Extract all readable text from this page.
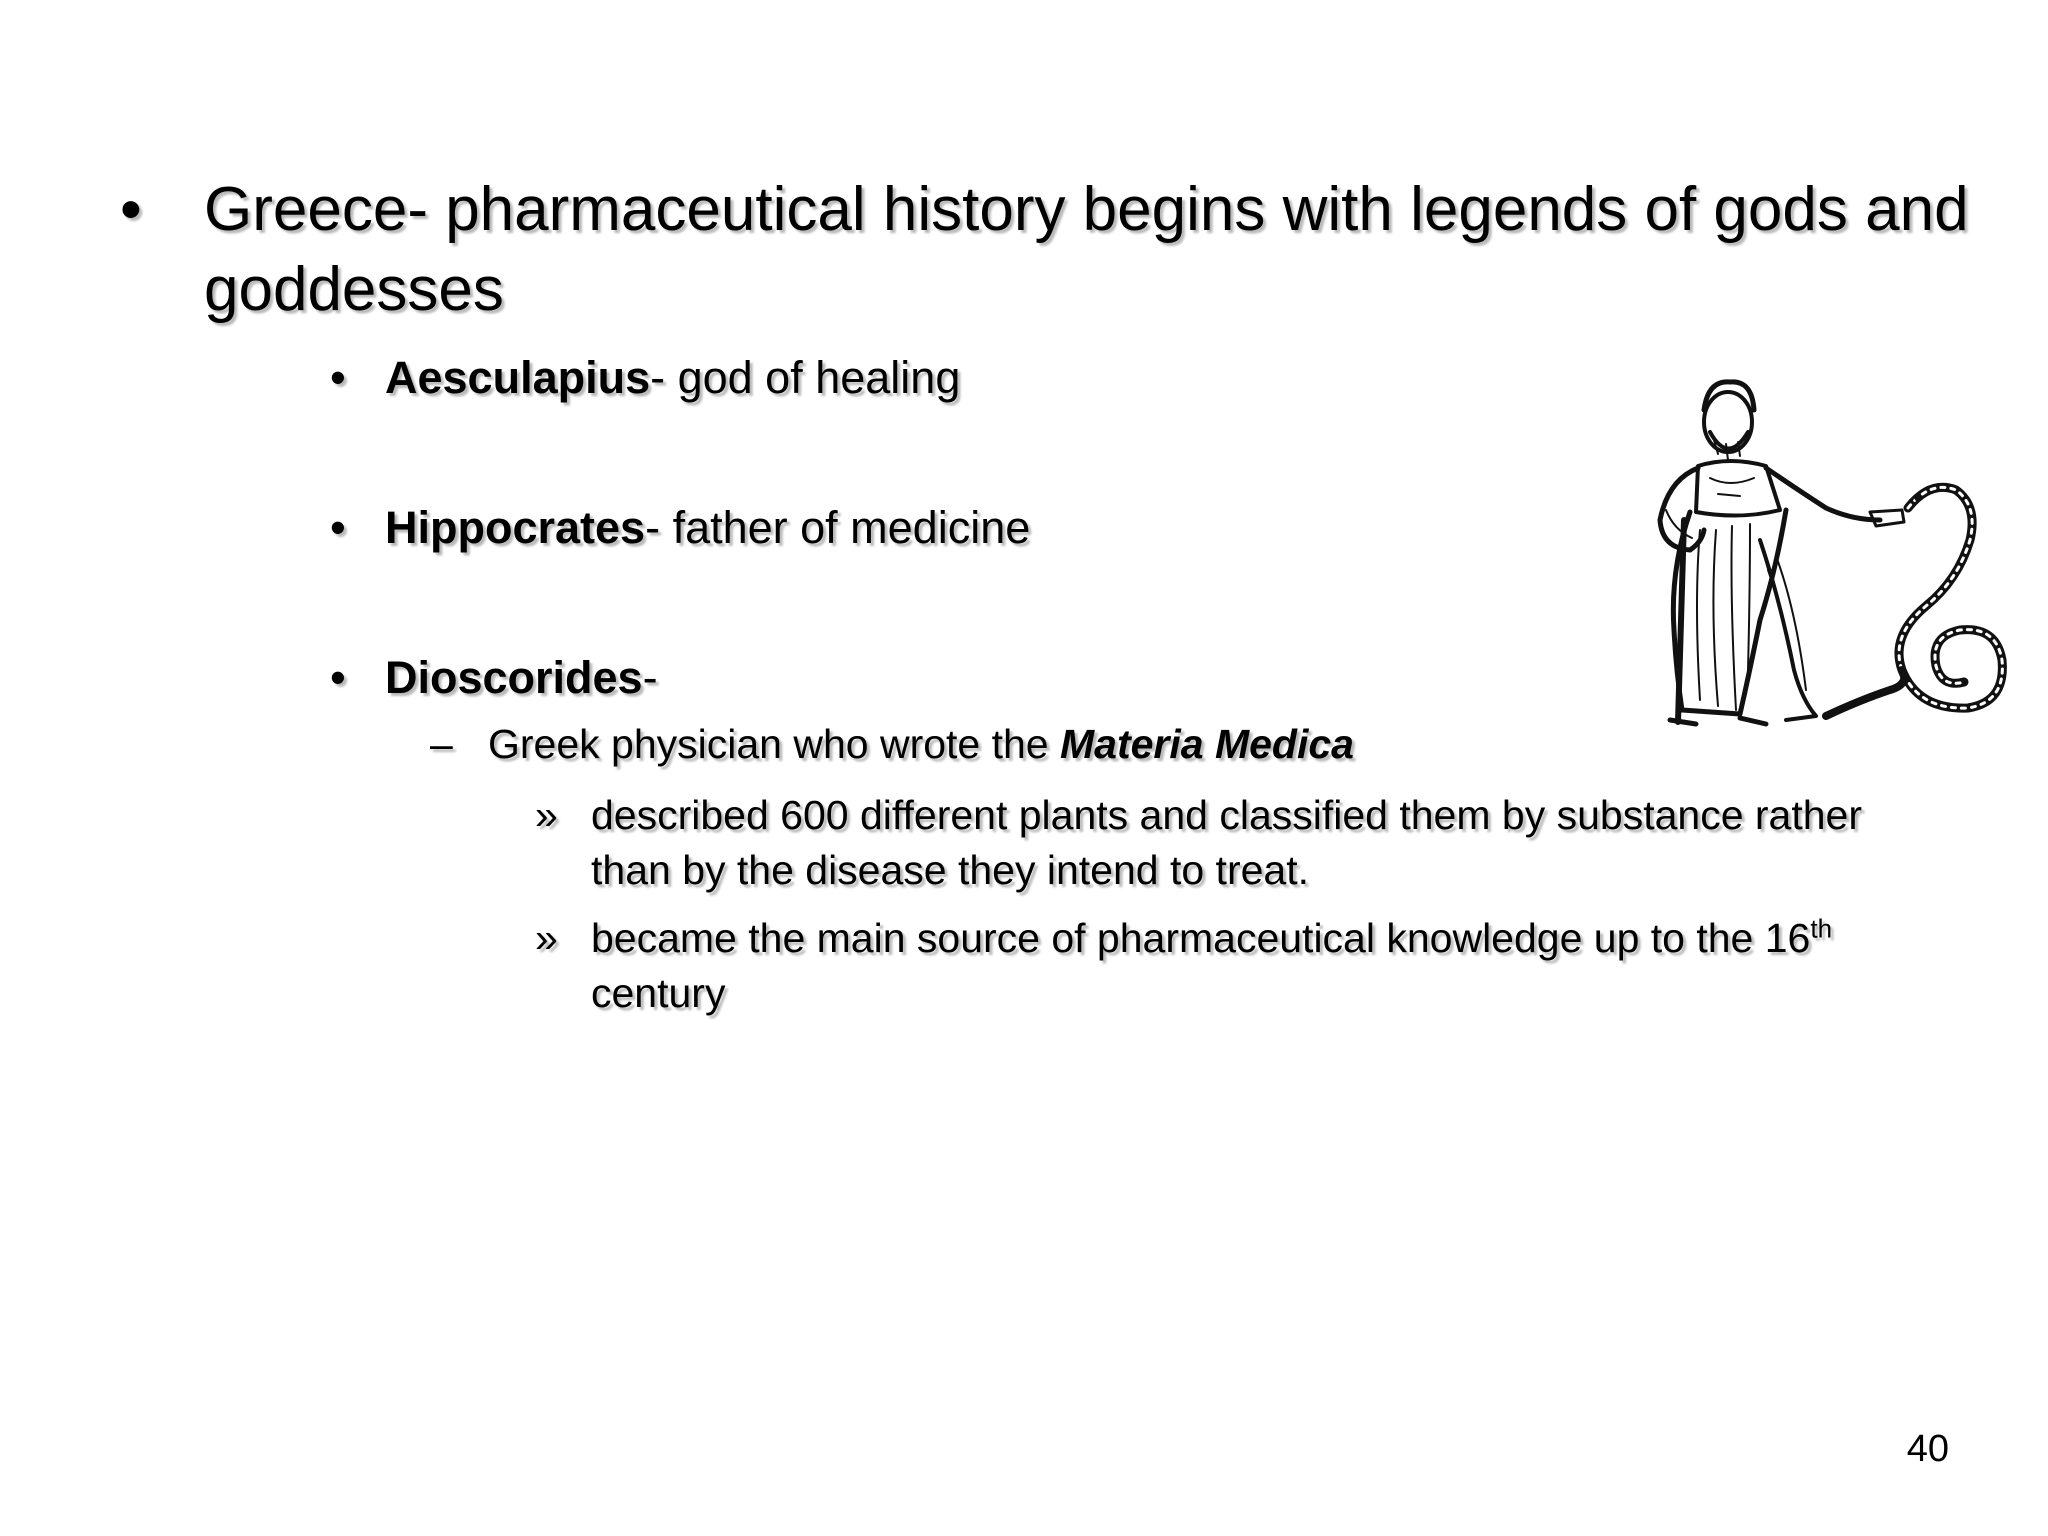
• Greece- pharmaceutical history begins with legends of gods and goddesses
• Aesculapius- god of healing
• Hippocrates- father of medicine
• Dioscorides-
– Greek physician who wrote the Materia Medica
» described 600 different plants and classified them by substance rather than by the disease they intend to treat.
» became the main source of pharmaceutical knowledge up to the 16th century
40
